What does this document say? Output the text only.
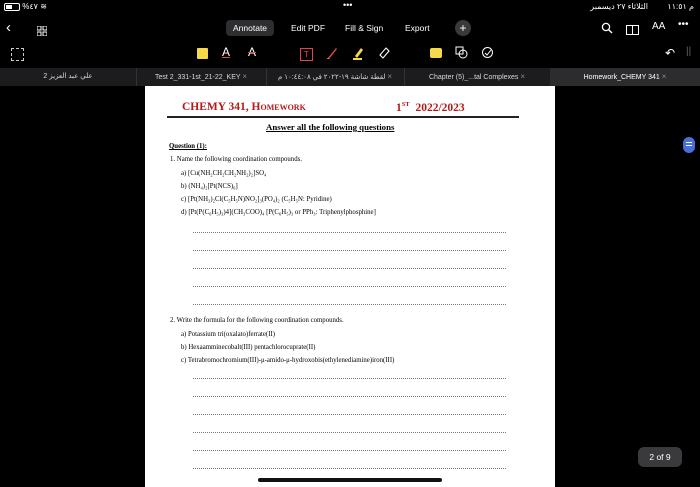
%٤٧ ≋	•••	الثلاثاء ٢٧ ديسمبر م ١١:٥١
‹	Annotate	Edit PDF	Fill & Sign	Export	+	AA •••
A A	T	↶ ||
علي عبد العزيز 2	Test 2_331-1st_21-22_KEY ×	لقطة شاشة ١٩-٢٠٢٢ في ١٠:٤٤:٠٨ م ×	Chapter (5)_...tal Complexes ×	Homework_CHEMY 341 ×
CHEMY 341, Homework	1ST 2022/2023
Answer all the following questions
Question (1):
1. Name the following coordination compounds.
a) [Cu(NH₂CH₂CH₂NH₂)₂]SO₄
b) (NH₄)₂[Pt(NCS)₆]
c) [Pt(NH₃)₂Cl(C₅H₅N)NO₂]₃(PO₄)₂ (C₅H₅N: Pyridine)
d) [Pt(P(C₆H₅)₃)4](CH₃COO)₄ [P(C₆H₅)₃ or PPh₃: Triphenylphosphine]
2. Write the formula for the following coordination compounds.
a) Potassium tri(oxalato)ferrate(II)
b) Hexaamminecobalt(III) pentachlorocuprate(II)
c) Tetrabromochromium(III)-μ-amido-μ-hydroxobis(ethylenediamine)iron(III)
2 of 9
